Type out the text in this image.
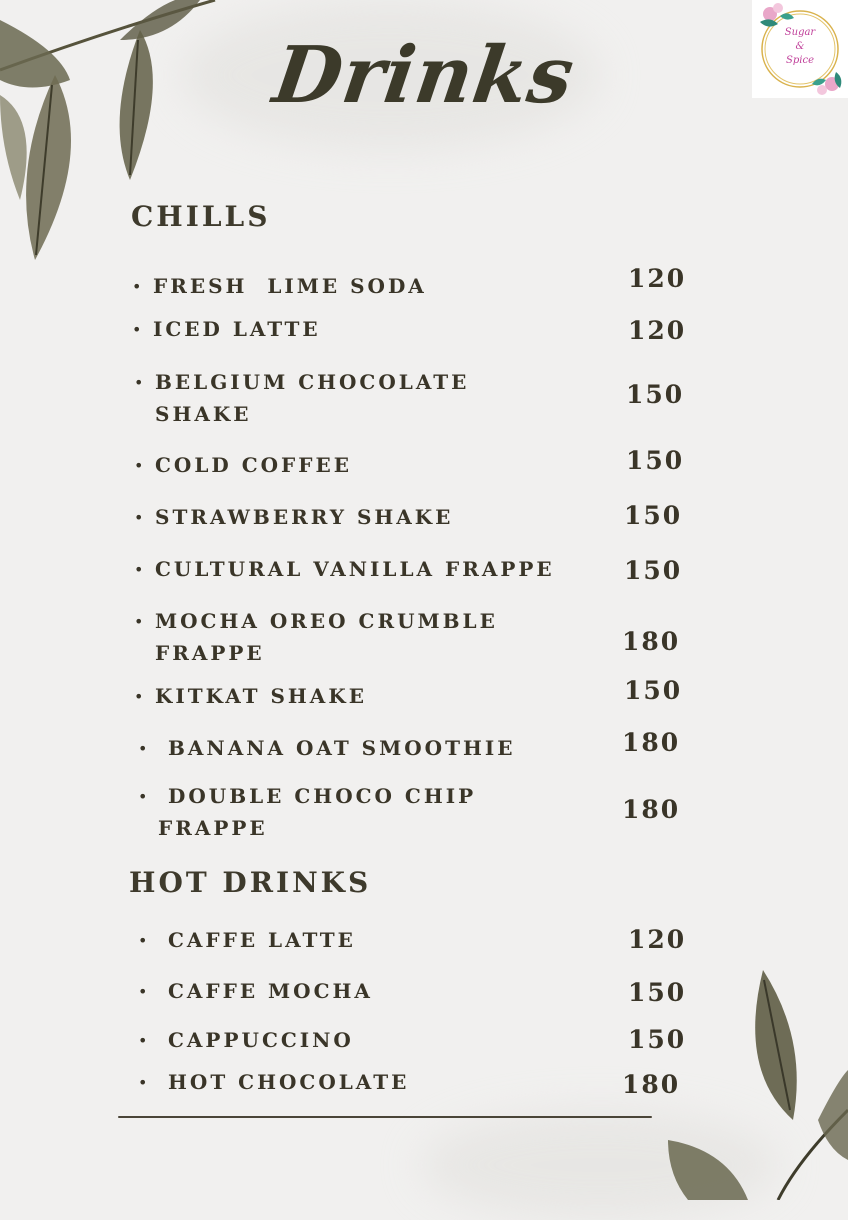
Sugar
&
Spice
Drinks
CHILLS
• FRESH  LIME SODA	120
• ICED LATTE	120
• BELGIUM CHOCOLATE
SHAKE
150
• COLD COFFEE	150
• STRAWBERRY SHAKE	150
• CULTURAL VANILLA FRAPPE	150
• MOCHA OREO CRUMBLE
FRAPPE	180
• KITKAT SHAKE	150
• BANANA OAT SMOOTHIE	180
• DOUBLE CHOCO CHIP
FRAPPE
180
HOT DRINKS
• CAFFE LATTE	120
• CAFFE MOCHA	150
• CAPPUCCINO	150
• HOT CHOCOLATE	180
